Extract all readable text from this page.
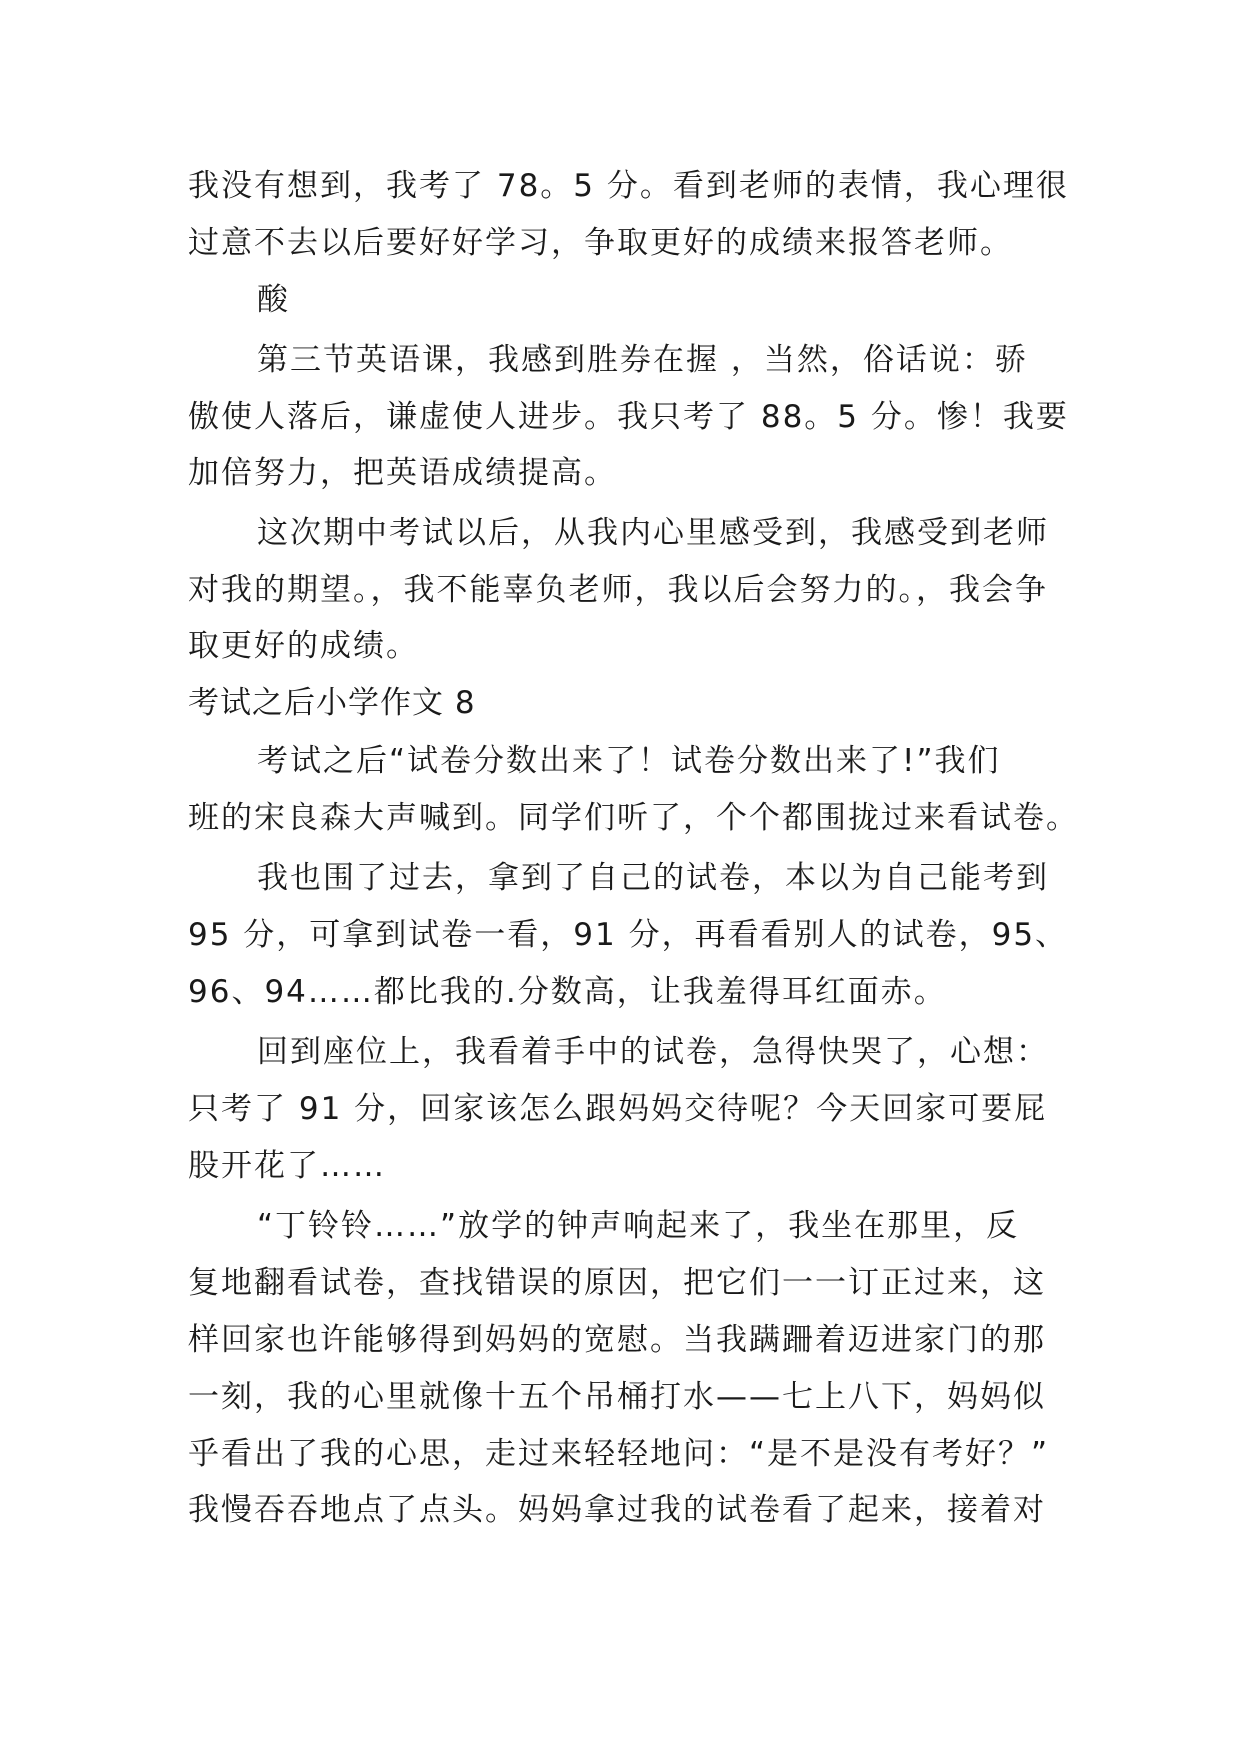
我没有想到，我考了 78。5 分。看到老师的表情，我心理很
过意不去以后要好好学习，争取更好的成绩来报答老师。
酸
第三节英语课，我感到胜券在握 ，当然，俗话说：骄
傲使人落后，谦虚使人进步。我只考了 88。5 分。惨！我要
加倍努力，把英语成绩提高。
这次期中考试以后，从我内心里感受到，我感受到老师
对我的期望。，我不能辜负老师，我以后会努力的。，我会争
取更好的成绩。
考试之后小学作文 8
考试之后“试卷分数出来了！试卷分数出来了!”我们
班的宋良森大声喊到。同学们听了，个个都围拢过来看试卷。
我也围了过去，拿到了自己的试卷，本以为自己能考到
95 分，可拿到试卷一看，91 分，再看看别人的试卷，95、
96、94……都比我的.分数高，让我羞得耳红面赤。
回到座位上，我看着手中的试卷，急得快哭了，心想：
只考了 91 分，回家该怎么跟妈妈交待呢？今天回家可要屁
股开花了……
“丁铃铃……”放学的钟声响起来了，我坐在那里，反
复地翻看试卷，查找错误的原因，把它们一一订正过来，这
样回家也许能够得到妈妈的宽慰。当我蹒跚着迈进家门的那
一刻，我的心里就像十五个吊桶打水——七上八下，妈妈似
乎看出了我的心思，走过来轻轻地问：“是不是没有考好？”
我慢吞吞地点了点头。妈妈拿过我的试卷看了起来，接着对
